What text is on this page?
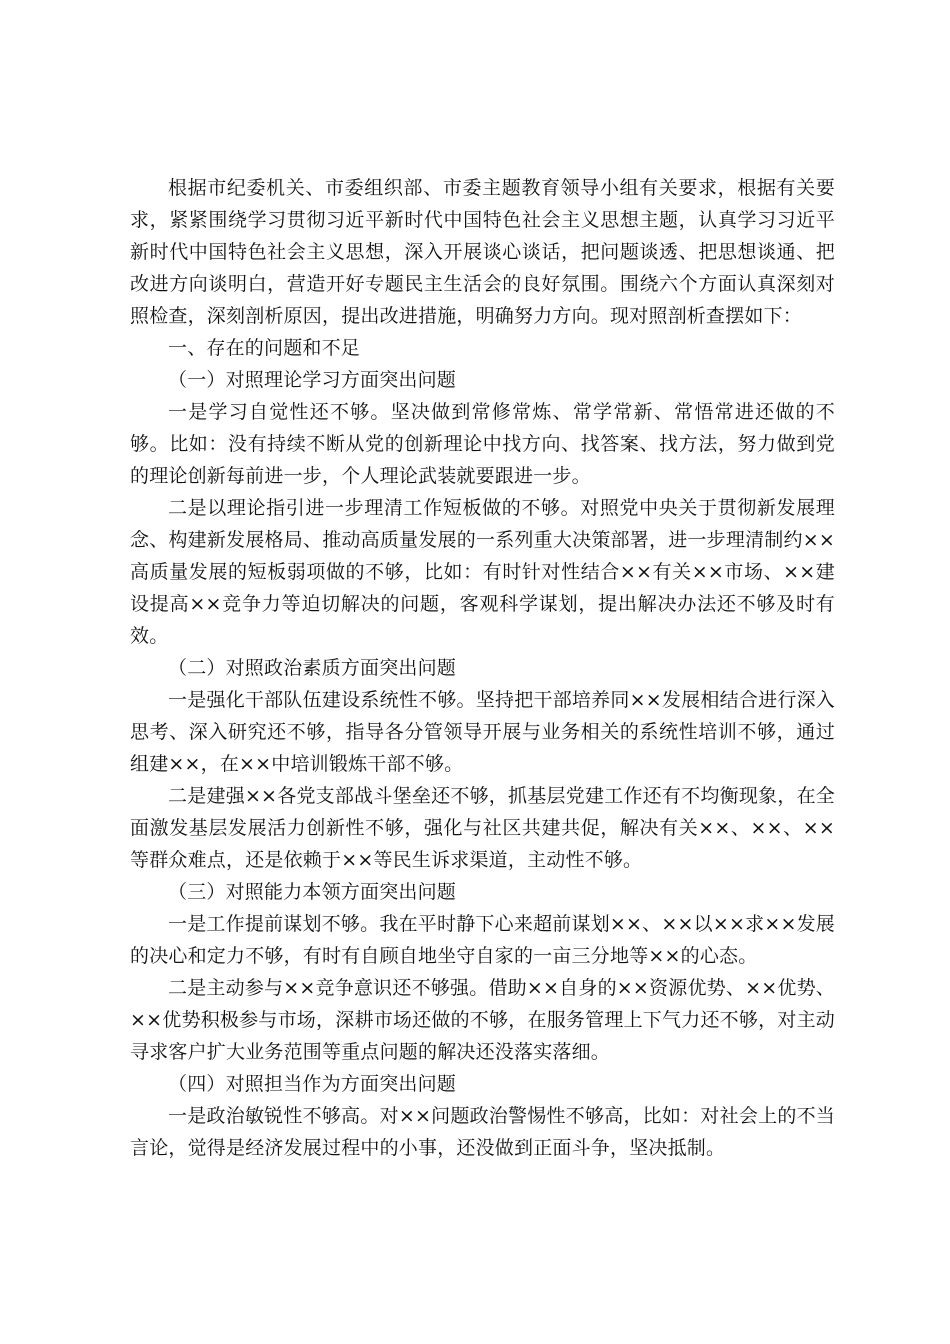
根据市纪委机关、市委组织部、市委主题教育领导小组有关要求，根据有关要求，紧紧围绕学习贯彻习近平新时代中国特色社会主义思想主题，认真学习习近平新时代中国特色社会主义思想，深入开展谈心谈话，把问题谈透、把思想谈通、把改进方向谈明白，营造开好专题民主生活会的良好氛围。围绕六个方面认真深刻对照检查，深刻剖析原因，提出改进措施，明确努力方向。现对照剖析查摆如下：

一、存在的问题和不足

（一）对照理论学习方面突出问题

一是学习自觉性还不够。坚决做到常修常炼、常学常新、常悟常进还做的不够。比如：没有持续不断从党的创新理论中找方向、找答案、找方法，努力做到党的理论创新每前进一步，个人理论武装就要跟进一步。

二是以理论指引进一步理清工作短板做的不够。对照党中央关于贯彻新发展理念、构建新发展格局、推动高质量发展的一系列重大决策部署，进一步理清制约××高质量发展的短板弱项做的不够，比如：有时针对性结合××有关××市场、××建设提高××竞争力等迫切解决的问题，客观科学谋划，提出解决办法还不够及时有效。

（二）对照政治素质方面突出问题

一是强化干部队伍建设系统性不够。坚持把干部培养同××发展相结合进行深入思考、深入研究还不够，指导各分管领导开展与业务相关的系统性培训不够，通过组建××，在××中培训锻炼干部不够。

二是建强××各党支部战斗堡垒还不够，抓基层党建工作还有不均衡现象，在全面激发基层发展活力创新性不够，强化与社区共建共促，解决有关××、××、××等群众难点，还是依赖于××等民生诉求渠道，主动性不够。

（三）对照能力本领方面突出问题

一是工作提前谋划不够。我在平时静下心来超前谋划××、××以××求××发展的决心和定力不够，有时有自顾自地坐守自家的一亩三分地等××的心态。

二是主动参与××竞争意识还不够强。借助××自身的××资源优势、××优势、××优势积极参与市场，深耕市场还做的不够，在服务管理上下气力还不够，对主动寻求客户扩大业务范围等重点问题的解决还没落实落细。

（四）对照担当作为方面突出问题

一是政治敏锐性不够高。对××问题政治警惕性不够高，比如：对社会上的不当言论，觉得是经济发展过程中的小事，还没做到正面斗争，坚决抵制。
